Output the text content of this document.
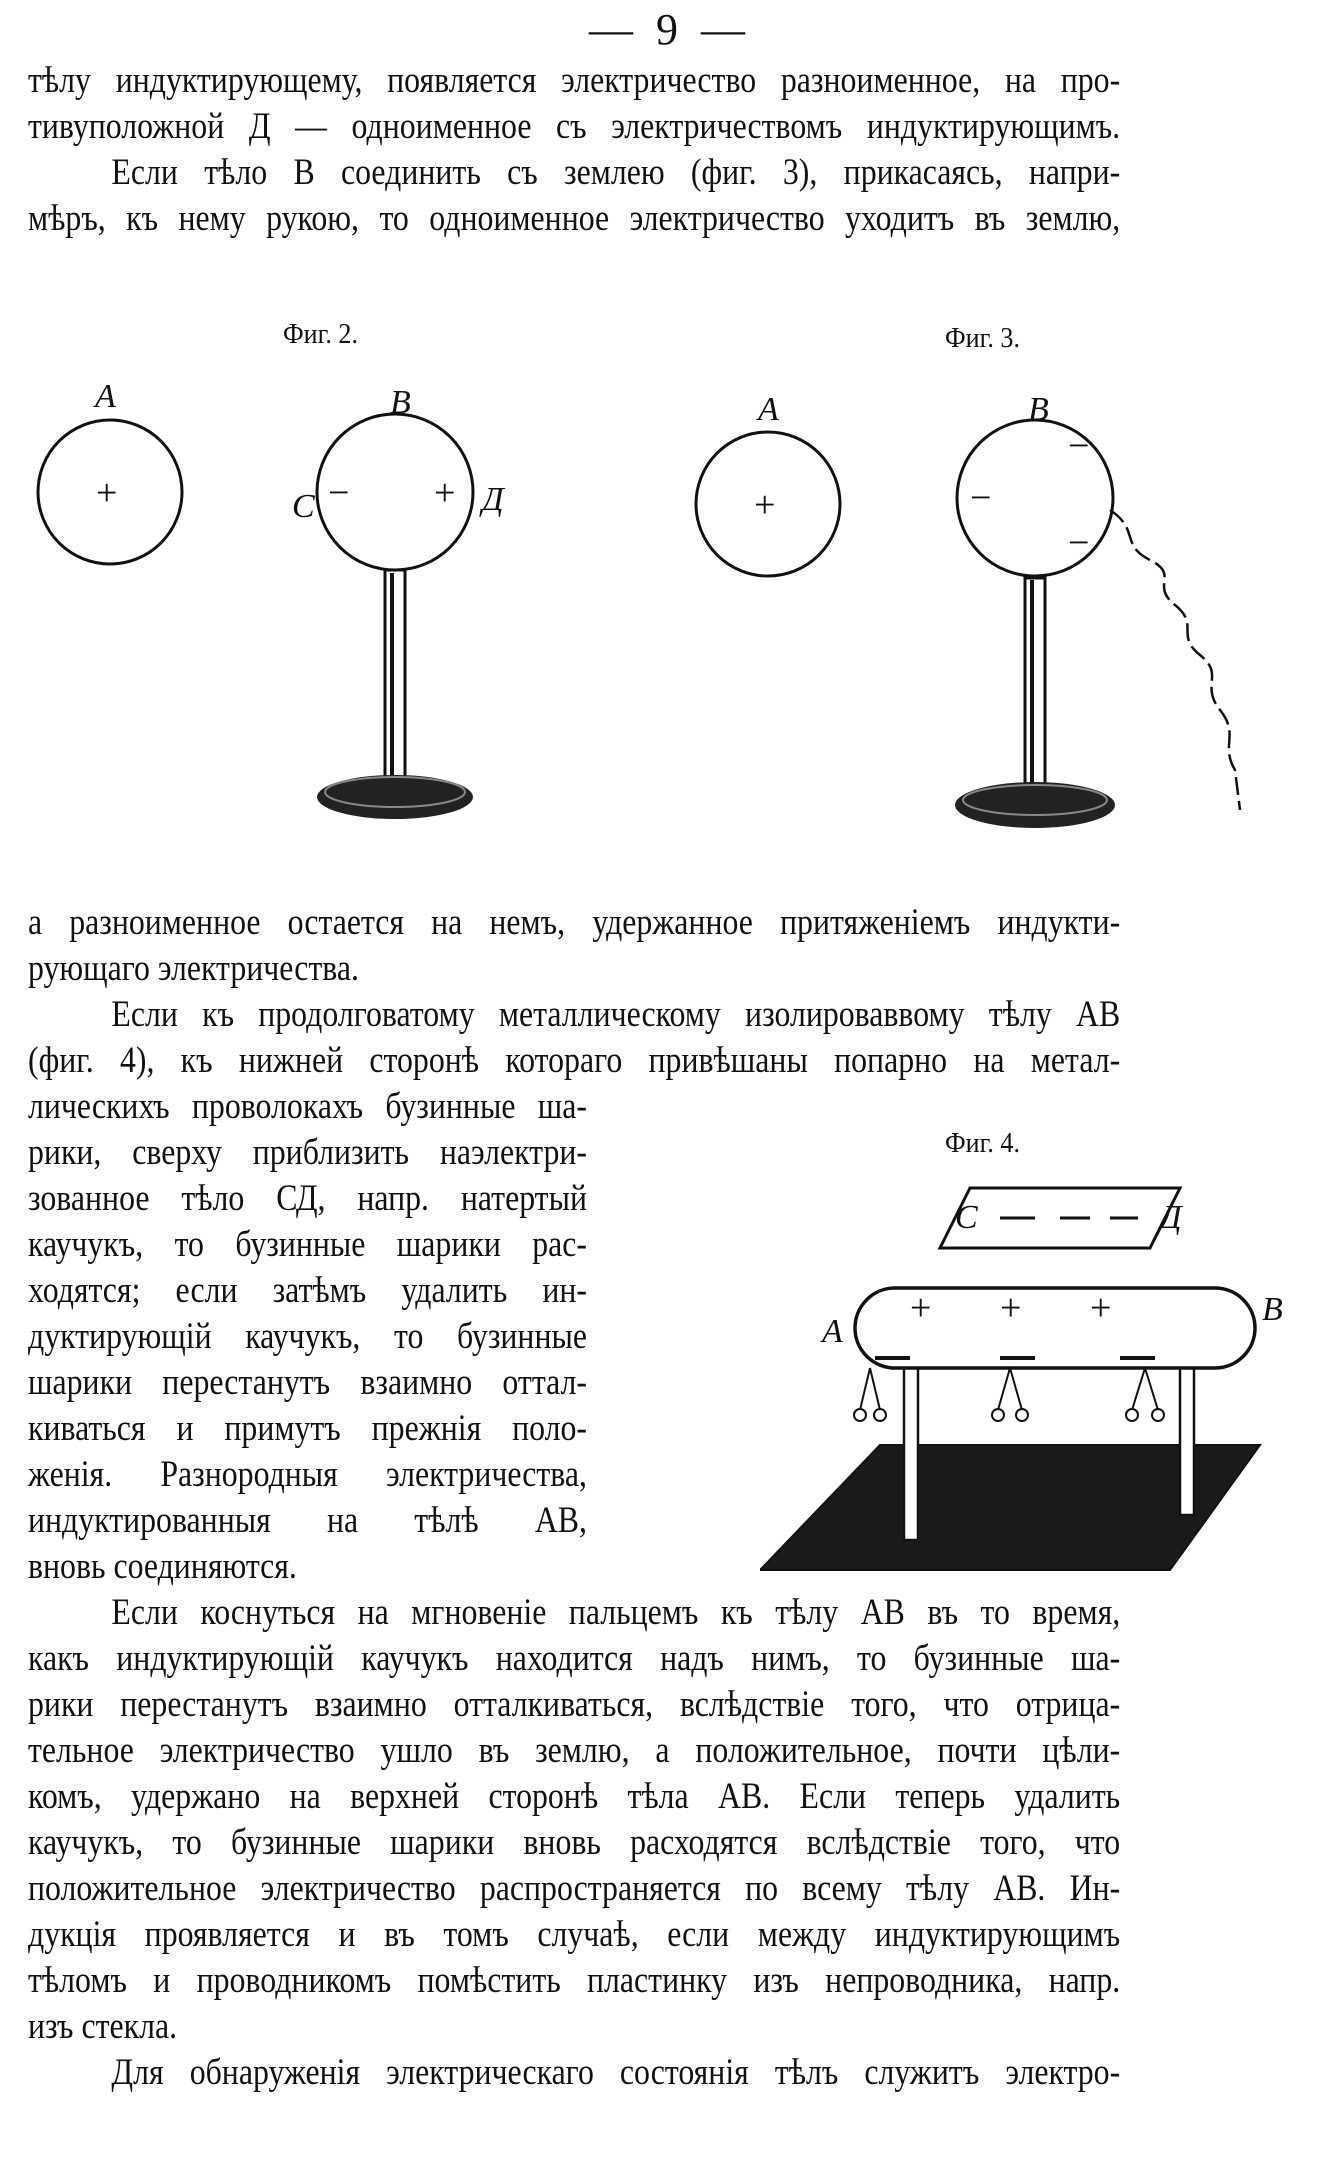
— 9 —
тѣлу индуктирующему, появляется электричество разноименное, на про-
тивуположной Д — одноименное съ электричествомъ индуктирующимъ.
Если тѣло B соединить съ землею (фиг. 3), прикасаясь, напри-
мѣръ, къ нему рукою, то одноименное электричество уходитъ въ землю,
Фиг. 2.	Фиг. 3.
A
+
B
− +
C	Д
A
+
B
−
−
−
а разноименное остается на немъ, удержанное притяженіемъ индукти-
рующаго электричества.
Если къ продолговатому металлическому изолироваввому тѣлу AB
(фиг. 4), къ нижней сторонѣ котораго привѣшаны попарно на метал-
лическихъ проволокахъ бузинные ша-
рики, сверху приблизить наэлектри-
зованное тѣло СД, напр. натертый
каучукъ, то бузинные шарики рас-
ходятся; если затѣмъ удалить ин-
дуктирующій каучукъ, то бузинные
шарики перестанутъ взаимно оттал-
киваться и примутъ прежнія поло-
женія. Разнородныя электричества,
индуктированныя на тѣлѣ AB,
вновь соединяются.
Фиг. 4.
C	Д
A
B
+ + +
Если коснуться на мгновеніе пальцемъ къ тѣлу AB въ то время,
какъ индуктирующій каучукъ находится надъ нимъ, то бузинные ша-
рики перестанутъ взаимно отталкиваться, вслѣдствіе того, что отрица-
тельное электричество ушло въ землю, а положительное, почти цѣли-
комъ, удержано на верхней сторонѣ тѣла AB. Если теперь удалить
каучукъ, то бузинные шарики вновь расходятся вслѣдствіе того, что
положительное электричество распространяется по всему тѣлу AB. Ин-
дукція проявляется и въ томъ случаѣ, если между индуктирующимъ
тѣломъ и проводникомъ помѣстить пластинку изъ непроводника, напр.
изъ стекла.
Для обнаруженія электрическаго состоянія тѣлъ служитъ электро-
